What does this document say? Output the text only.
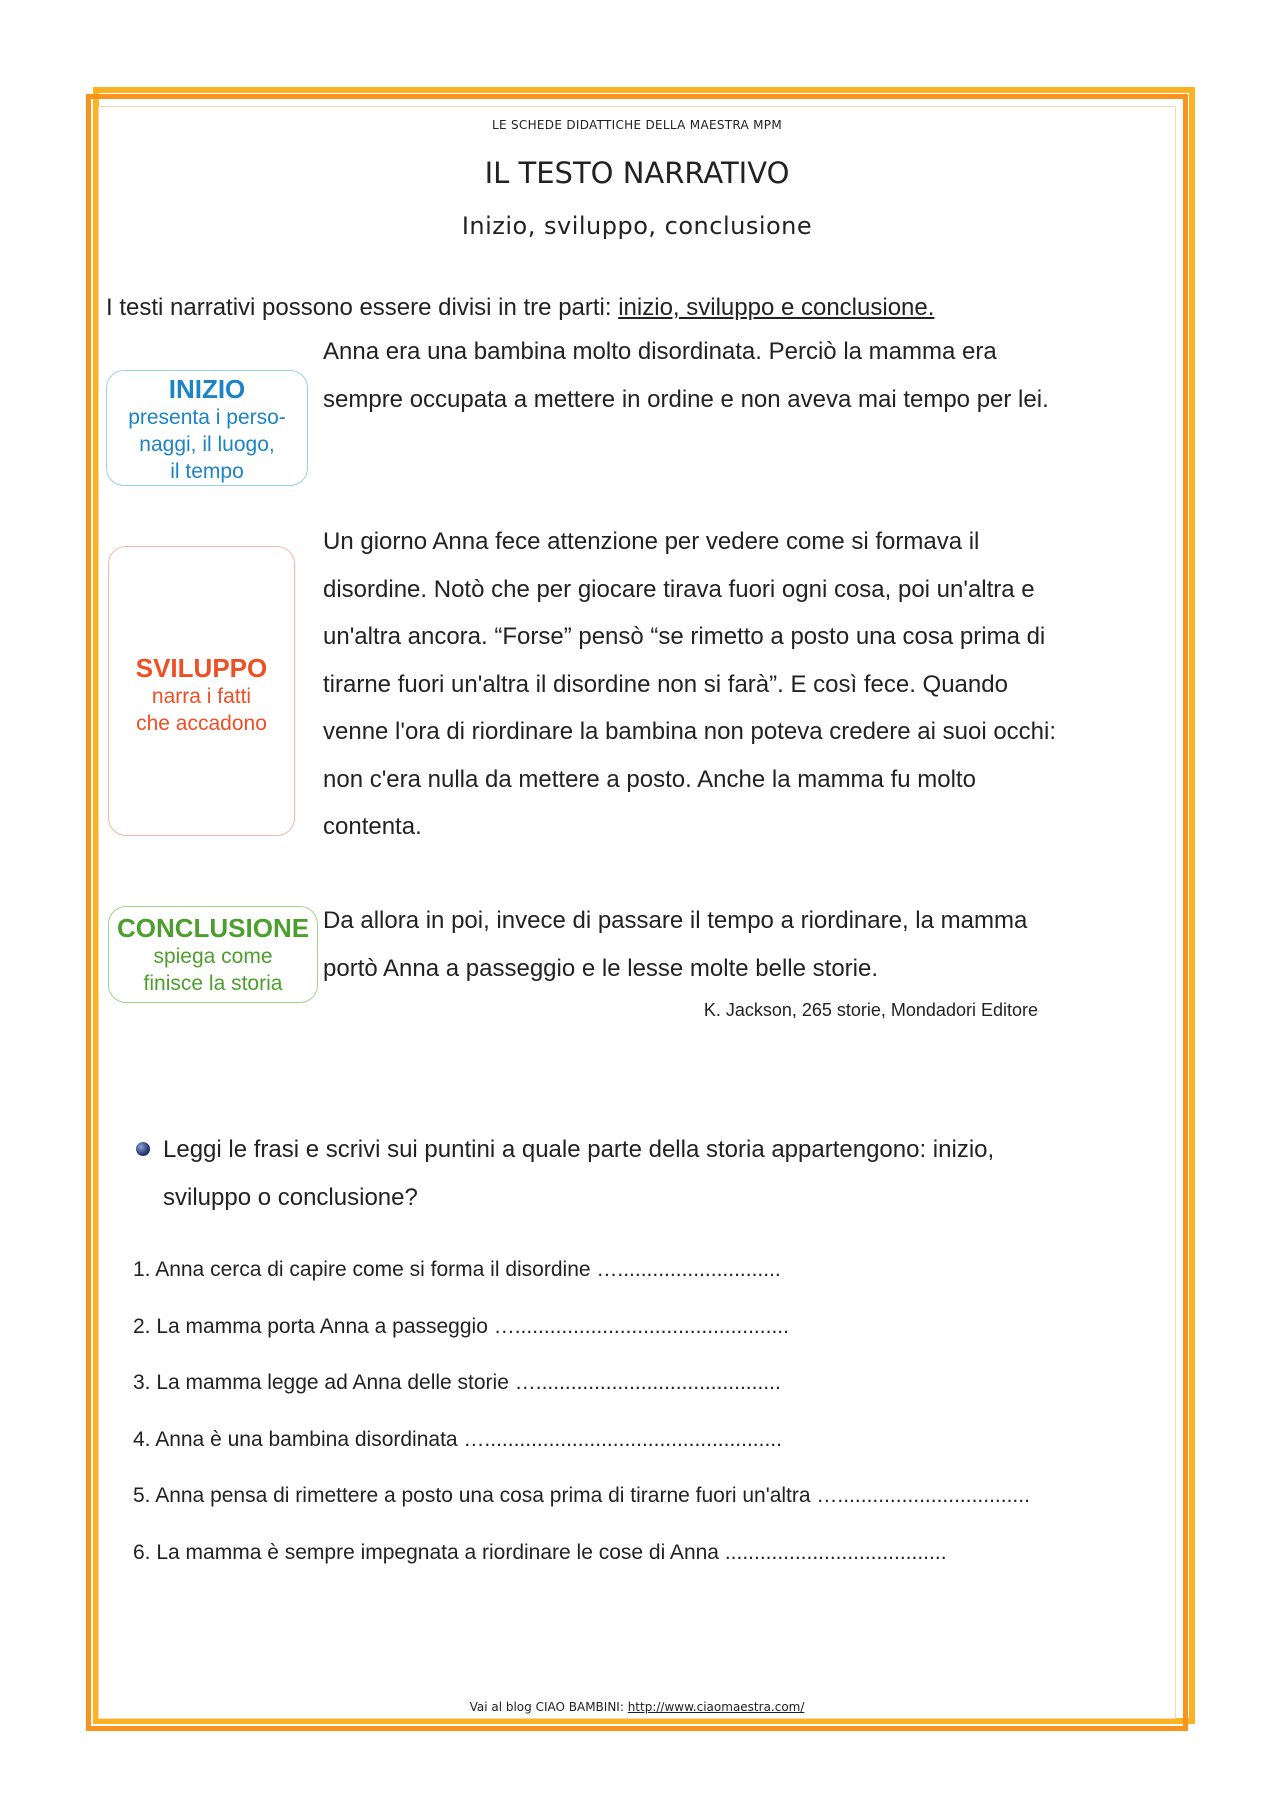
LE SCHEDE DIDATTICHE DELLA MAESTRA MPM
IL TESTO NARRATIVO
Inizio, sviluppo, conclusione
I testi narrativi possono essere divisi in tre parti: inizio, sviluppo e conclusione.
INIZIO
presenta i perso-
naggi, il luogo,
il tempo
Anna era una bambina molto disordinata. Perciò la mamma era
sempre occupata a mettere in ordine e non aveva mai tempo per lei.
SVILUPPO
narra i fatti
che accadono
Un giorno Anna fece attenzione per vedere come si formava il
disordine. Notò che per giocare tirava fuori ogni cosa, poi un'altra e
un'altra ancora. “Forse” pensò “se rimetto a posto una cosa prima di
tirarne fuori un'altra il disordine non si farà”. E così fece. Quando
venne l'ora di riordinare la bambina non poteva credere ai suoi occhi:
non c'era nulla da mettere a posto. Anche la mamma fu molto
contenta.
CONCLUSIONE
spiega come
finisce la storia
Da allora in poi, invece di passare il tempo a riordinare, la mamma
portò Anna a passeggio e le lesse molte belle storie.
K. Jackson, 265 storie, Mondadori Editore
Leggi le frasi e scrivi sui puntini a quale parte della storia appartengono: inizio,
sviluppo o conclusione?
1. Anna cerca di capire come si forma il disordine …............................
2. La mamma porta Anna a passeggio …...............................................
3. La mamma legge ad Anna delle storie …..........................................
4. Anna è una bambina disordinata …...................................................
5. Anna pensa di rimettere a posto una cosa prima di tirarne fuori un'altra ….................................
6. La mamma è sempre impegnata a riordinare le cose di Anna ......................................
Vai al blog CIAO BAMBINI: http://www.ciaomaestra.com/
